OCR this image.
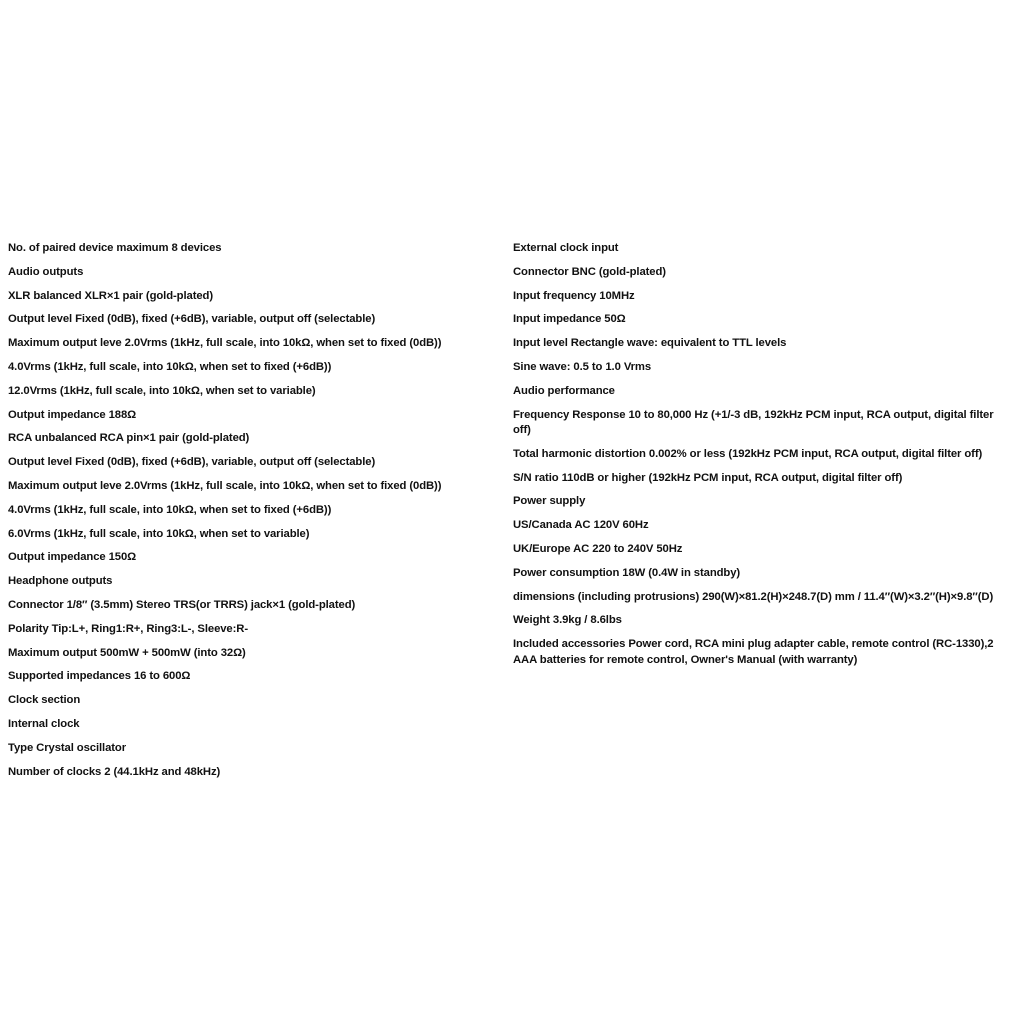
No. of paired device maximum 8 devices
Audio outputs
XLR balanced XLR×1 pair (gold-plated)
Output level Fixed (0dB), fixed (+6dB), variable, output off (selectable)
Maximum output leve 2.0Vrms (1kHz, full scale, into 10kΩ, when set to fixed (0dB))
4.0Vrms (1kHz, full scale, into 10kΩ, when set to fixed (+6dB))
12.0Vrms (1kHz, full scale, into 10kΩ, when set to variable)
Output impedance 188Ω
RCA unbalanced RCA pin×1 pair (gold-plated)
Output level Fixed (0dB), fixed (+6dB), variable, output off (selectable)
Maximum output leve 2.0Vrms (1kHz, full scale, into 10kΩ, when set to fixed (0dB))
4.0Vrms (1kHz, full scale, into 10kΩ, when set to fixed (+6dB))
6.0Vrms (1kHz, full scale, into 10kΩ, when set to variable)
Output impedance 150Ω
Headphone outputs
Connector 1/8″ (3.5mm) Stereo TRS(or TRRS) jack×1 (gold-plated)
Polarity Tip:L+, Ring1:R+, Ring3:L-, Sleeve:R-
Maximum output 500mW + 500mW (into 32Ω)
Supported impedances 16 to 600Ω
Clock section
Internal clock
Type Crystal oscillator
Number of clocks 2 (44.1kHz and 48kHz)
External clock input
Connector BNC (gold-plated)
Input frequency 10MHz
Input impedance 50Ω
Input level Rectangle wave: equivalent to TTL levels
Sine wave: 0.5 to 1.0 Vrms
Audio performance
Frequency Response 10 to 80,000 Hz (+1/-3 dB, 192kHz PCM input, RCA output, digital filter off)
Total harmonic distortion 0.002% or less (192kHz PCM input, RCA output, digital filter off)
S/N ratio 110dB or higher (192kHz PCM input, RCA output, digital filter off)
Power supply
US/Canada AC 120V 60Hz
UK/Europe AC 220 to 240V 50Hz
Power consumption 18W (0.4W in standby)
dimensions (including protrusions) 290(W)×81.2(H)×248.7(D) mm / 11.4″(W)×3.2″(H)×9.8″(D)
Weight 3.9kg / 8.6lbs
Included accessories Power cord, RCA mini plug adapter cable, remote control (RC-1330),2 AAA batteries for remote control, Owner's Manual (with warranty)
